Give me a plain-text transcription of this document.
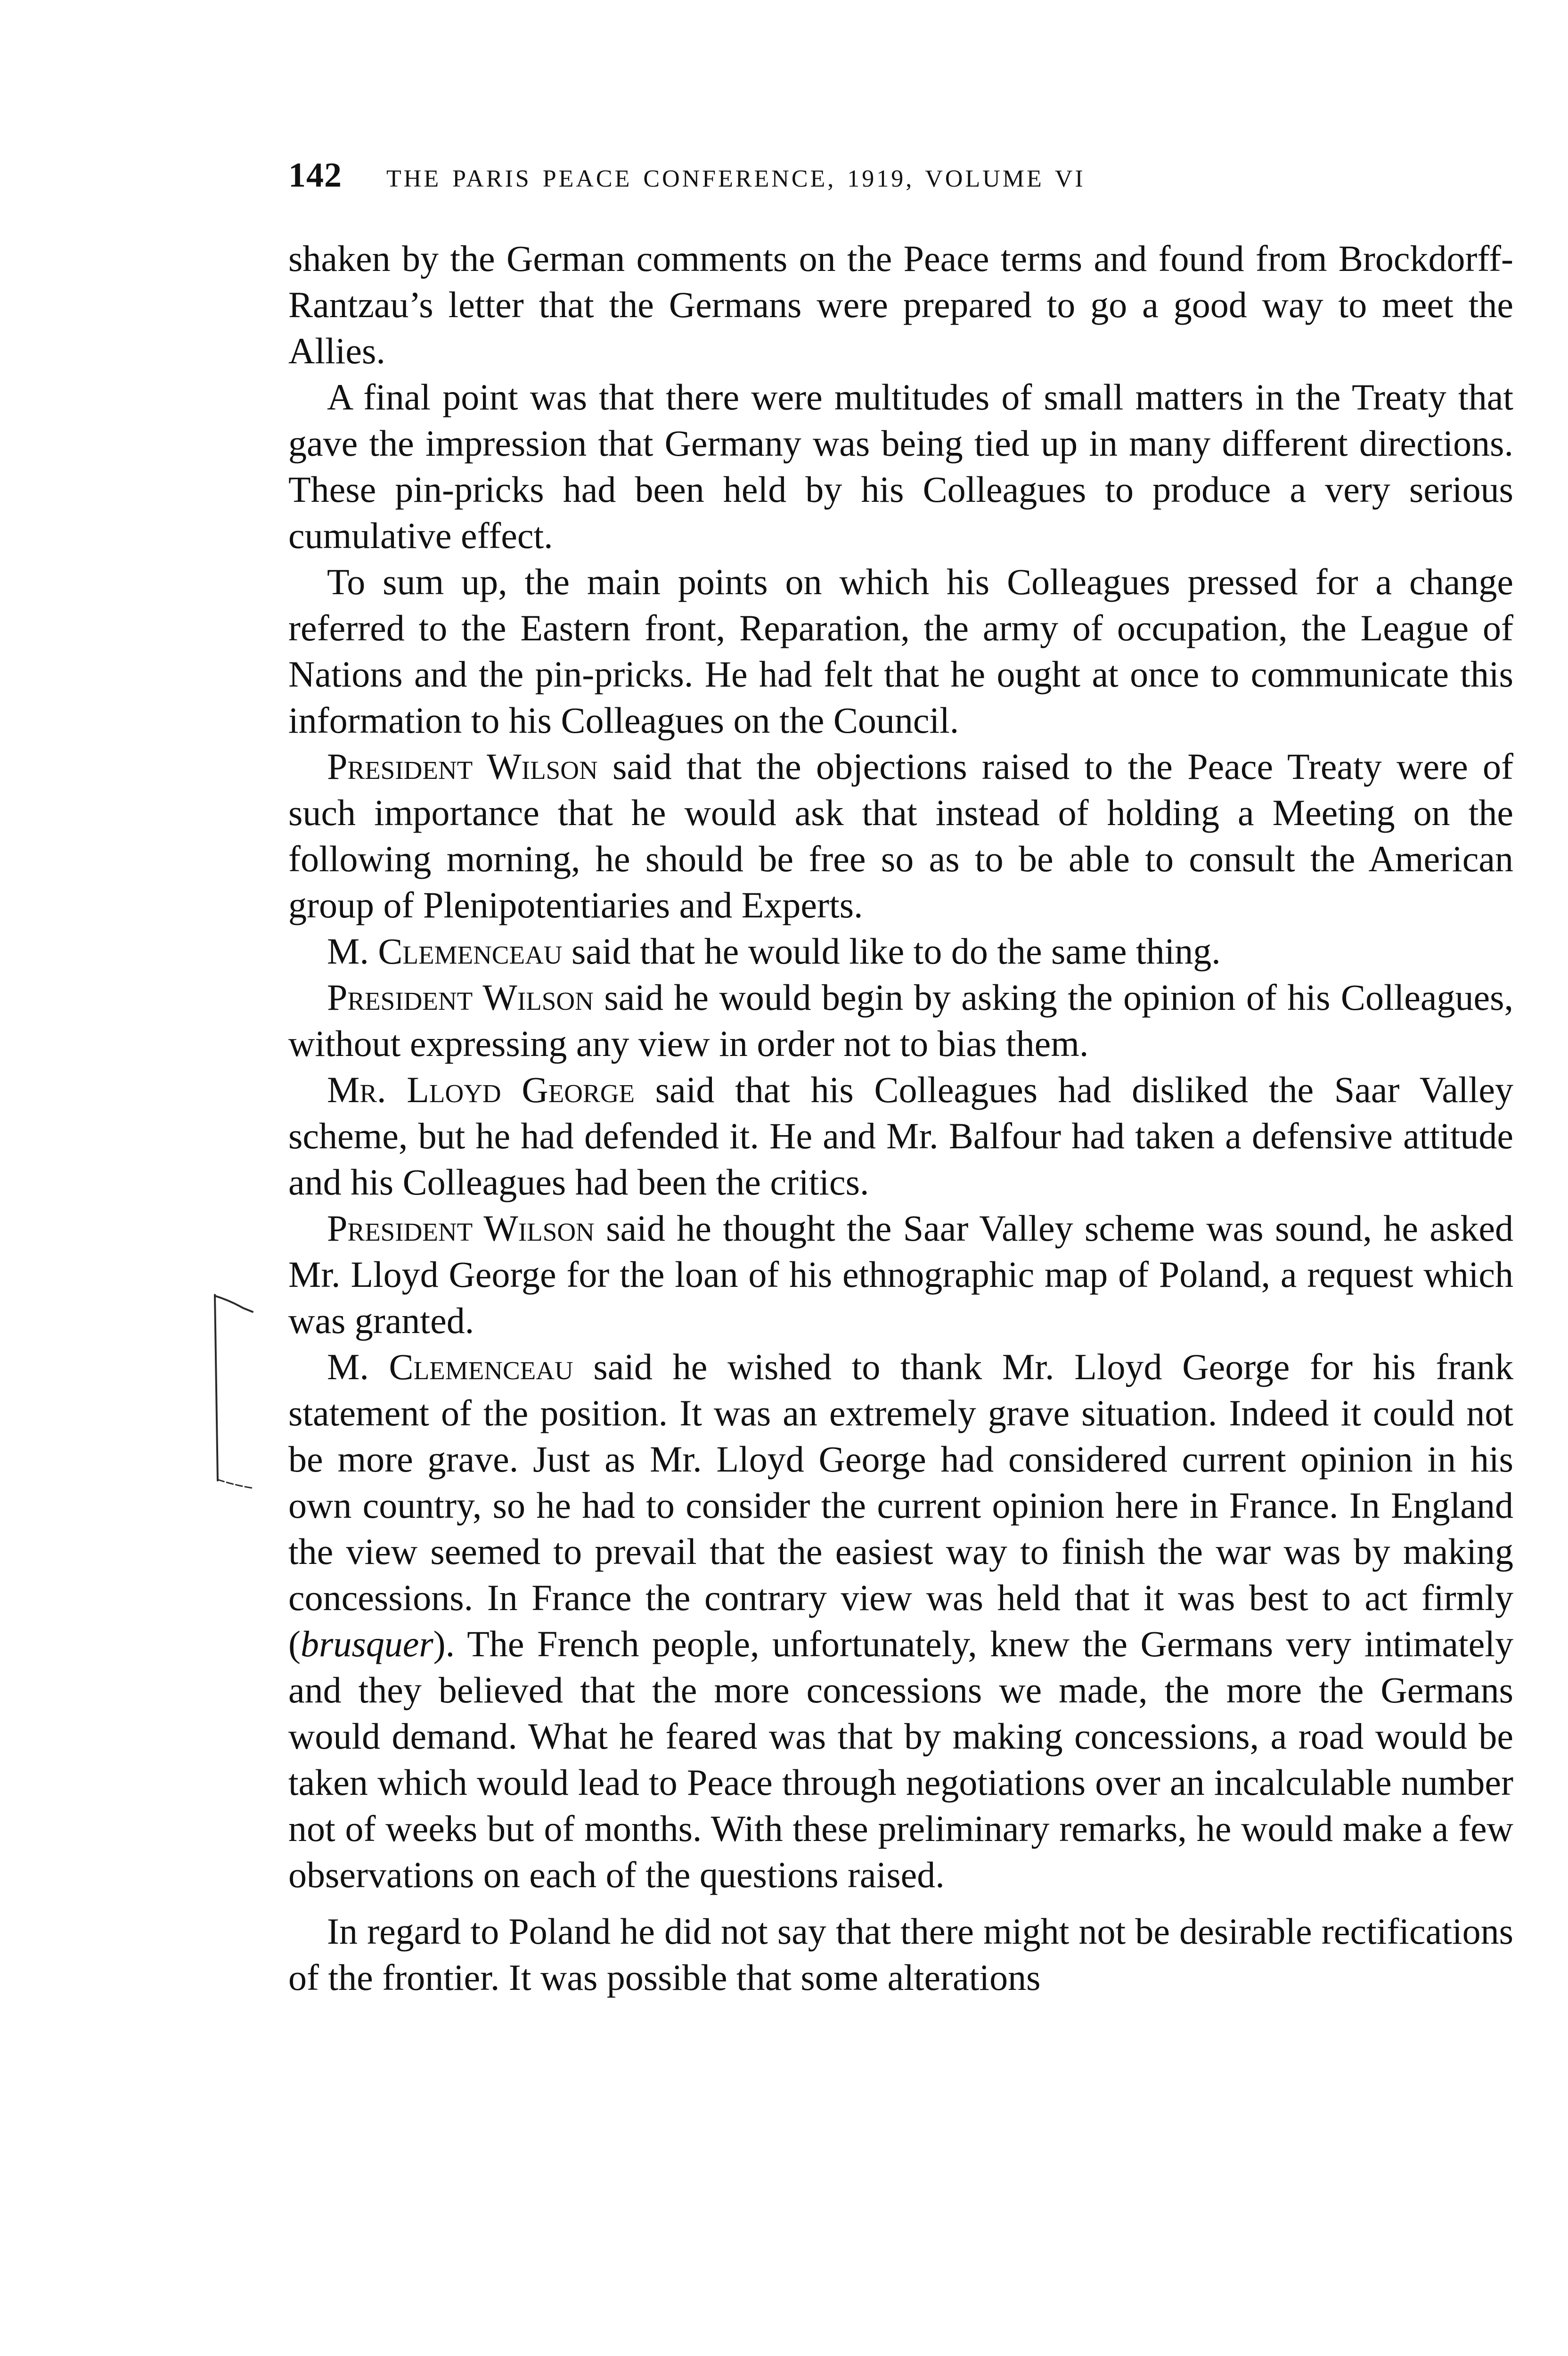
142 THE PARIS PEACE CONFERENCE, 1919, VOLUME VI

shaken by the German comments on the Peace terms and found from Brockdorff-Rantzau’s letter that the Germans were prepared to go a good way to meet the Allies.

A final point was that there were multitudes of small matters in the Treaty that gave the impression that Germany was being tied up in many different directions. These pin-pricks had been held by his Colleagues to produce a very serious cumulative effect.

To sum up, the main points on which his Colleagues pressed for a change referred to the Eastern front, Reparation, the army of occupation, the League of Nations and the pin-pricks. He had felt that he ought at once to communicate this information to his Colleagues on the Council.

President Wilson said that the objections raised to the Peace Treaty were of such importance that he would ask that instead of holding a Meeting on the following morning, he should be free so as to be able to consult the American group of Plenipotentiaries and Experts.

M. Clemenceau said that he would like to do the same thing.

President Wilson said he would begin by asking the opinion of his Colleagues, without expressing any view in order not to bias them.

Mr. Lloyd George said that his Colleagues had disliked the Saar Valley scheme, but he had defended it. He and Mr. Balfour had taken a defensive attitude and his Colleagues had been the critics.

President Wilson said he thought the Saar Valley scheme was sound, he asked Mr. Lloyd George for the loan of his ethnographic map of Poland, a request which was granted.

M. Clemenceau said he wished to thank Mr. Lloyd George for his frank statement of the position. It was an extremely grave situation. Indeed it could not be more grave. Just as Mr. Lloyd George had considered current opinion in his own country, so he had to consider the current opinion here in France. In England the view seemed to prevail that the easiest way to finish the war was by making concessions. In France the contrary view was held that it was best to act firmly (brusquer). The French people, unfortunately, knew the Germans very intimately and they believed that the more concessions we made, the more the Germans would demand. What he feared was that by making concessions, a road would be taken which would lead to Peace through negotiations over an incalculable number not of weeks but of months. With these preliminary remarks, he would make a few observations on each of the questions raised.

In regard to Poland he did not say that there might not be desirable rectifications of the frontier. It was possible that some alterations
